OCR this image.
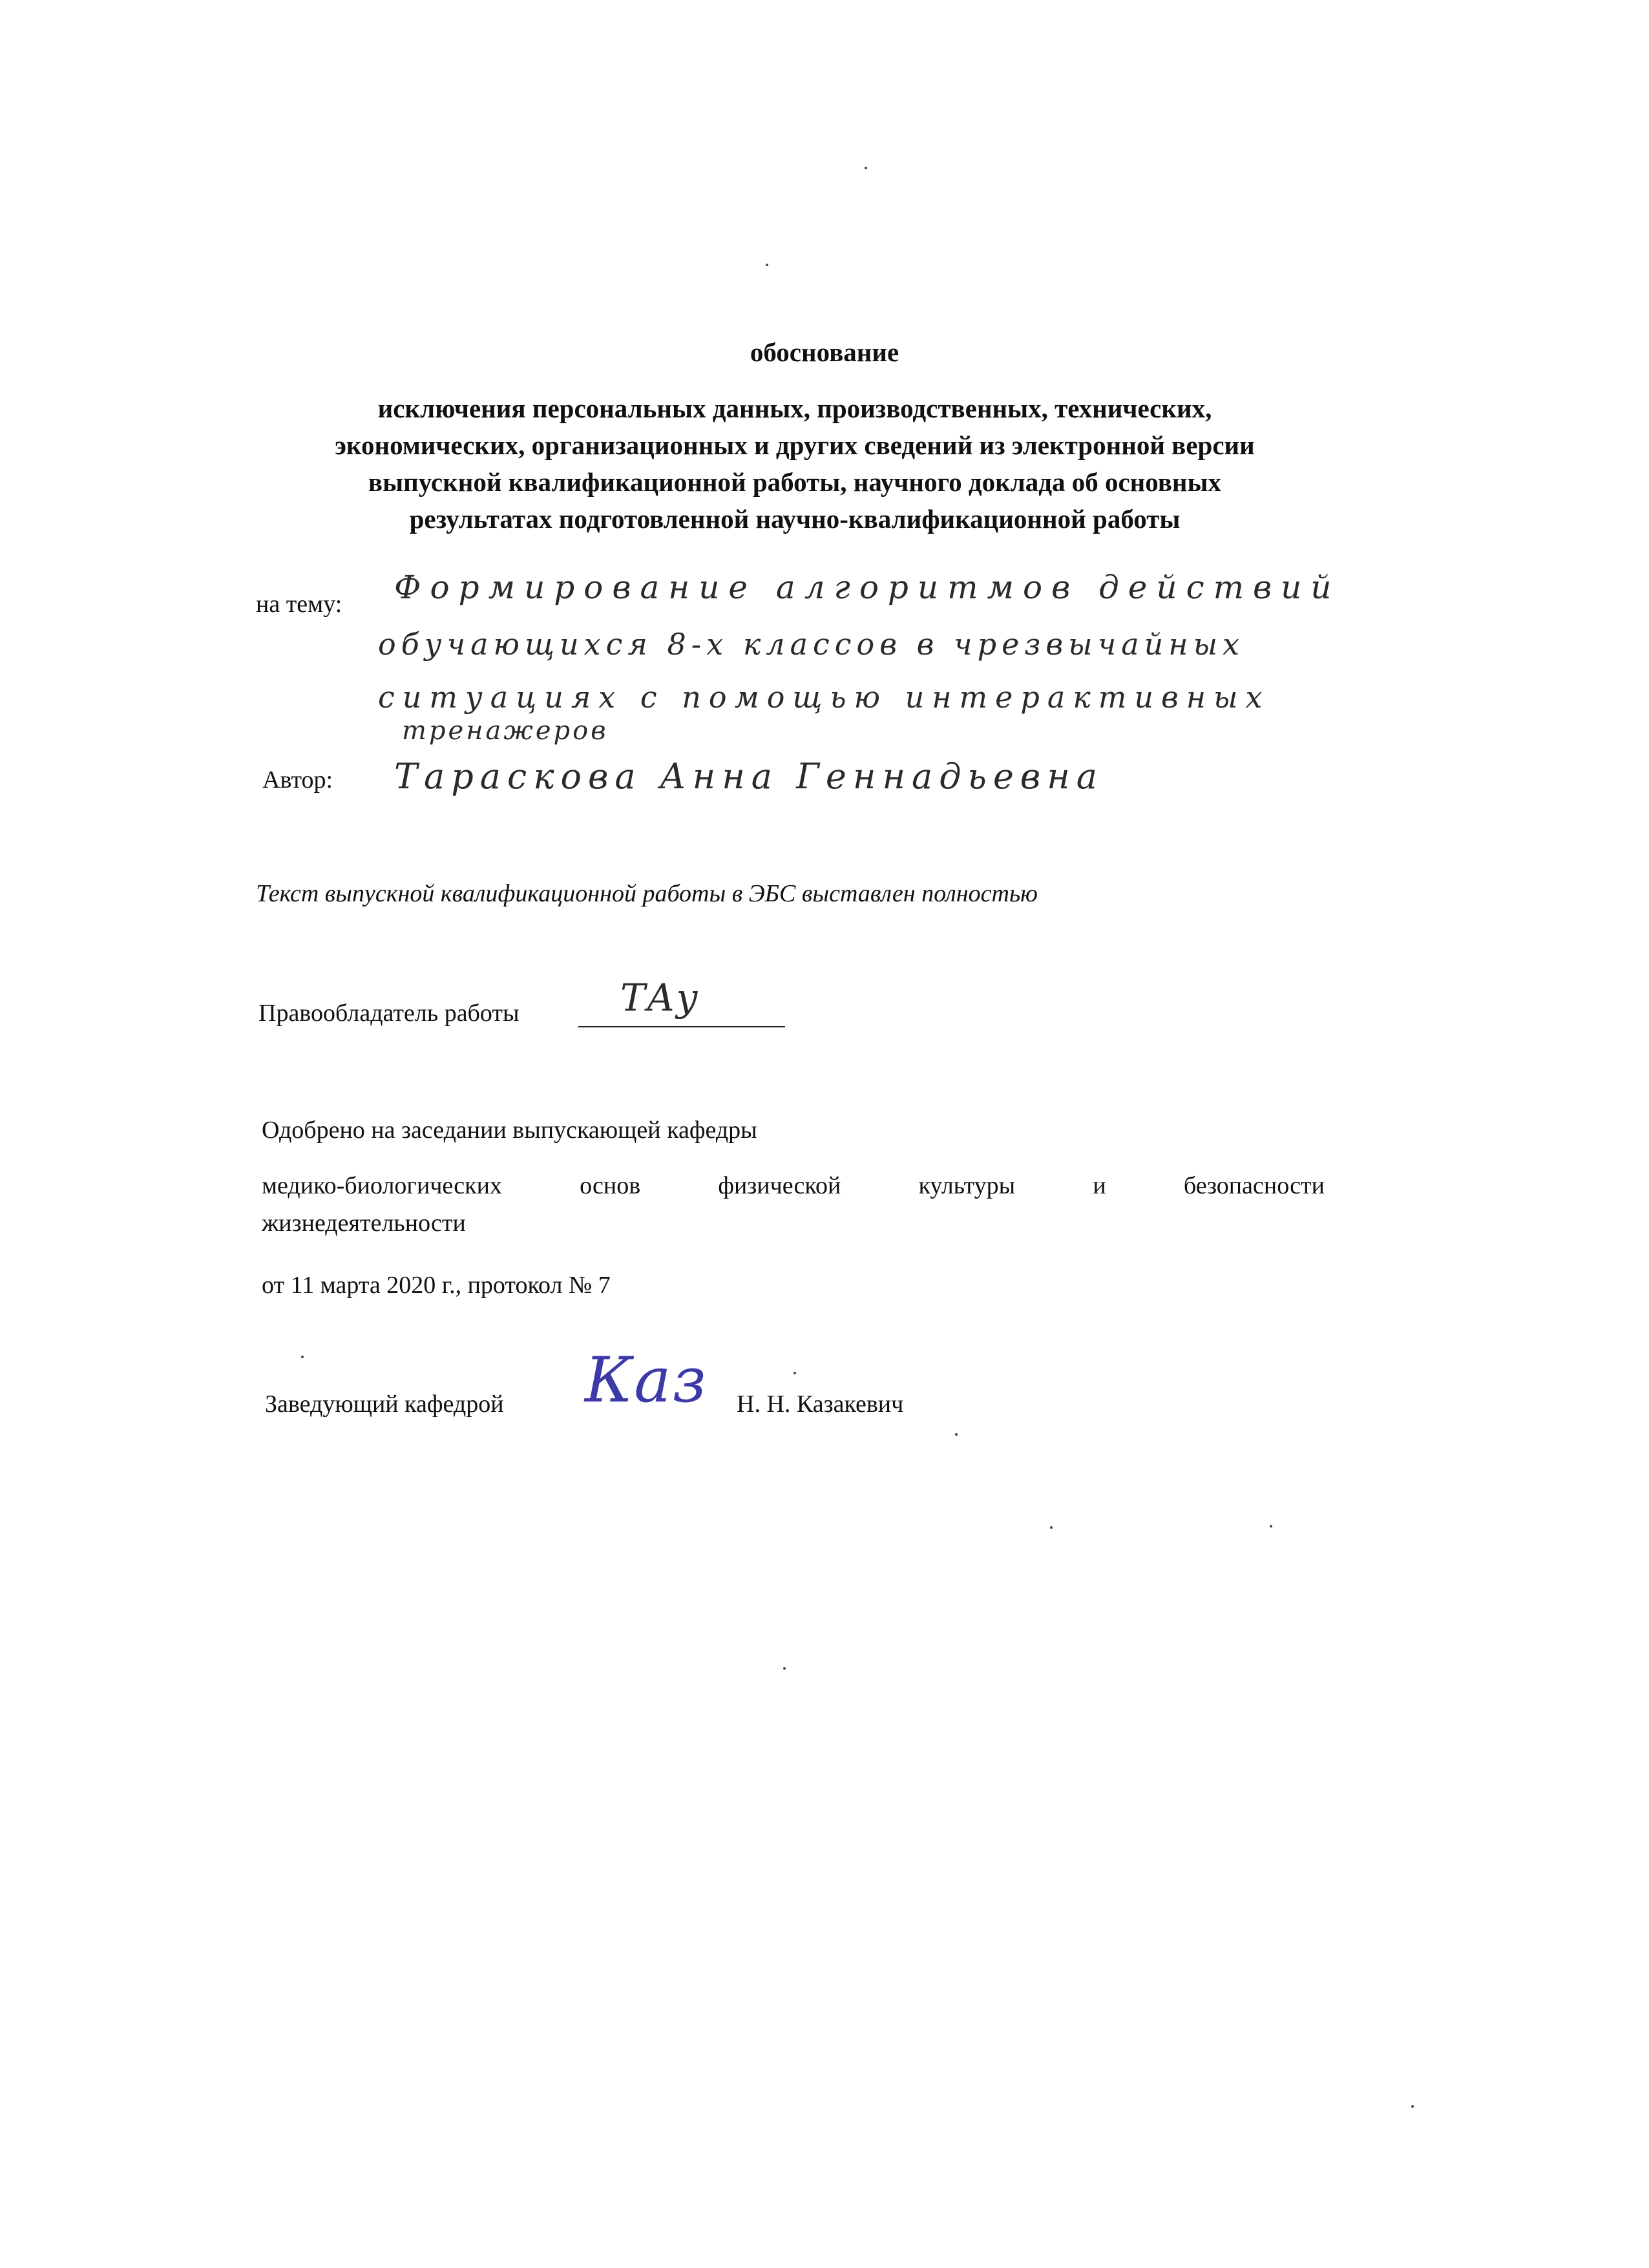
обоснование
исключения персональных данных, производственных, технических,
экономических, организационных и других сведений из электронной версии
выпускной квалификационной работы, научного доклада об основных
результатах подготовленной научно-квалификационной работы
на тему: Формирование алгоритмов действий
обучающихся 8-х классов в чрезвычайных
ситуациях с помощью интерактивных
тренажеров
Автор: Тараскова Анна Геннадьевна
Текст выпускной квалификационной работы в ЭБС выставлен полностью
Правообладатель работы	ТАу
Одобрено на заседании выпускающей кафедры
медико-биологических	основ	физической	культуры	и	безопасности
жизнедеятельности
от 11 марта 2020 г., протокол № 7
Заведующий кафедрой Каз Н. Н. Казакевич
